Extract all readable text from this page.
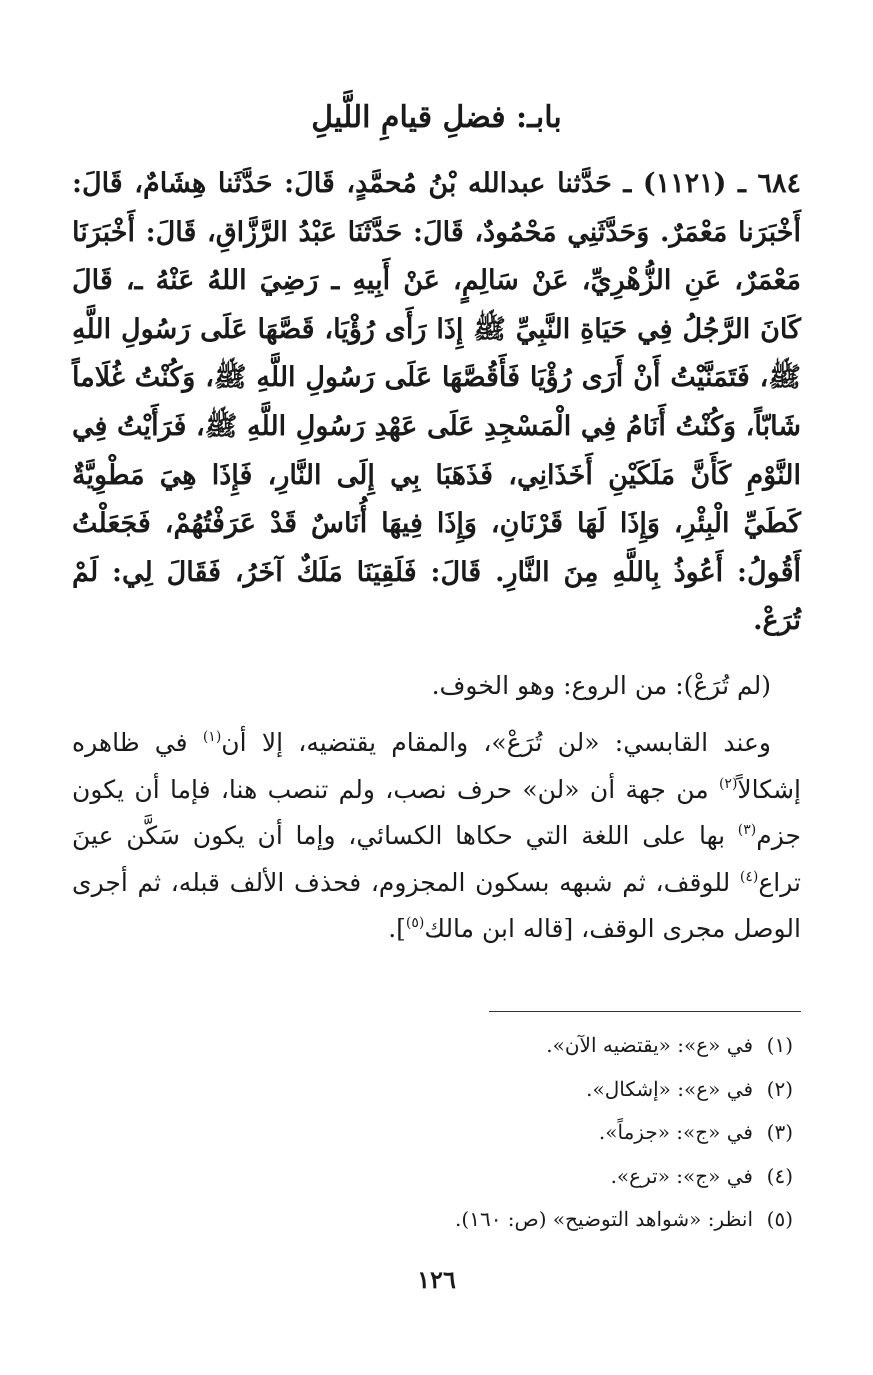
بابـ: فضلِ قيامِ اللَّيلِ

٦٨٤ ـ (١١٢١) ـ حَدَّثنا عبدالله بْنُ مُحمَّدٍ، قَالَ: حَدَّثَنا هِشَامٌ، قَالَ: أَخْبَرَنا مَعْمَرٌ. وَحَدَّثَنِي مَحْمُودٌ، قَالَ: حَدَّثَنَا عَبْدُ الرَّزَّاقِ، قَالَ: أَخْبَرَنَا مَعْمَرٌ، عَنِ الزُّهْرِيِّ، عَنْ سَالِمٍ، عَنْ أَبِيهِ ـ رَضِيَ اللهُ عَنْهُ ـ، قَالَ كَانَ الرَّجُلُ فِي حَيَاةِ النَّبِيِّ ﷺ إِذَا رَأَى رُؤْيَا، قَصَّهَا عَلَى رَسُولِ اللَّهِ ﷺ، فَتَمَنَّيْتُ أَنْ أَرَى رُؤْيَا فَأَقُصَّهَا عَلَى رَسُولِ اللَّهِ ﷺ، وَكُنْتُ غُلَاماً شَابّاً، وَكُنْتُ أَنَامُ فِي الْمَسْجِدِ عَلَى عَهْدِ رَسُولِ اللَّهِ ﷺ، فَرَأَيْتُ فِي النَّوْمِ كَأَنَّ مَلَكَيْنِ أَخَذَانِي، فَذَهَبَا بِي إِلَى النَّارِ، فَإِذَا هِيَ مَطْوِيَّةٌ كَطَيِّ الْبِئْرِ، وَإِذَا لَهَا قَرْنَانِ، وَإِذَا فِيهَا أُنَاسٌ قَدْ عَرَفْتُهُمْ، فَجَعَلْتُ أَقُولُ: أَعُوذُ بِاللَّهِ مِنَ النَّارِ. قَالَ: فَلَقِيَنَا مَلَكٌ آخَرُ، فَقَالَ لِي: لَمْ تُرَعْ.

(لم تُرَعْ): من الروع: وهو الخوف.

وعند القابسي: «لن تُرَعْ»، والمقام يقتضيه، إلا أن$^{(١)}$ في ظاهره إشكالاً$^{(٢)}$ من جهة أن «لن» حرف نصب، ولم تنصب هنا، فإما أن يكون جزم$^{(٣)}$ بها على اللغة التي حكاها الكسائي، وإما أن يكون سَكَّن عينَ تراع$^{(٤)}$ للوقف، ثم شبهه بسكون المجزوم، فحذف الألف قبله، ثم أجرى الوصل مجرى الوقف، [قاله ابن مالك$^{(٥)}$].

(١)في «ع»: «يقتضيه الآن».
(٢)في «ع»: «إشكال».
(٣)في «ج»: «جزماً».
(٤)في «ج»: «ترع».
(٥)انظر: «شواهد التوضيح» (ص: ١٦٠).
١٢٦
